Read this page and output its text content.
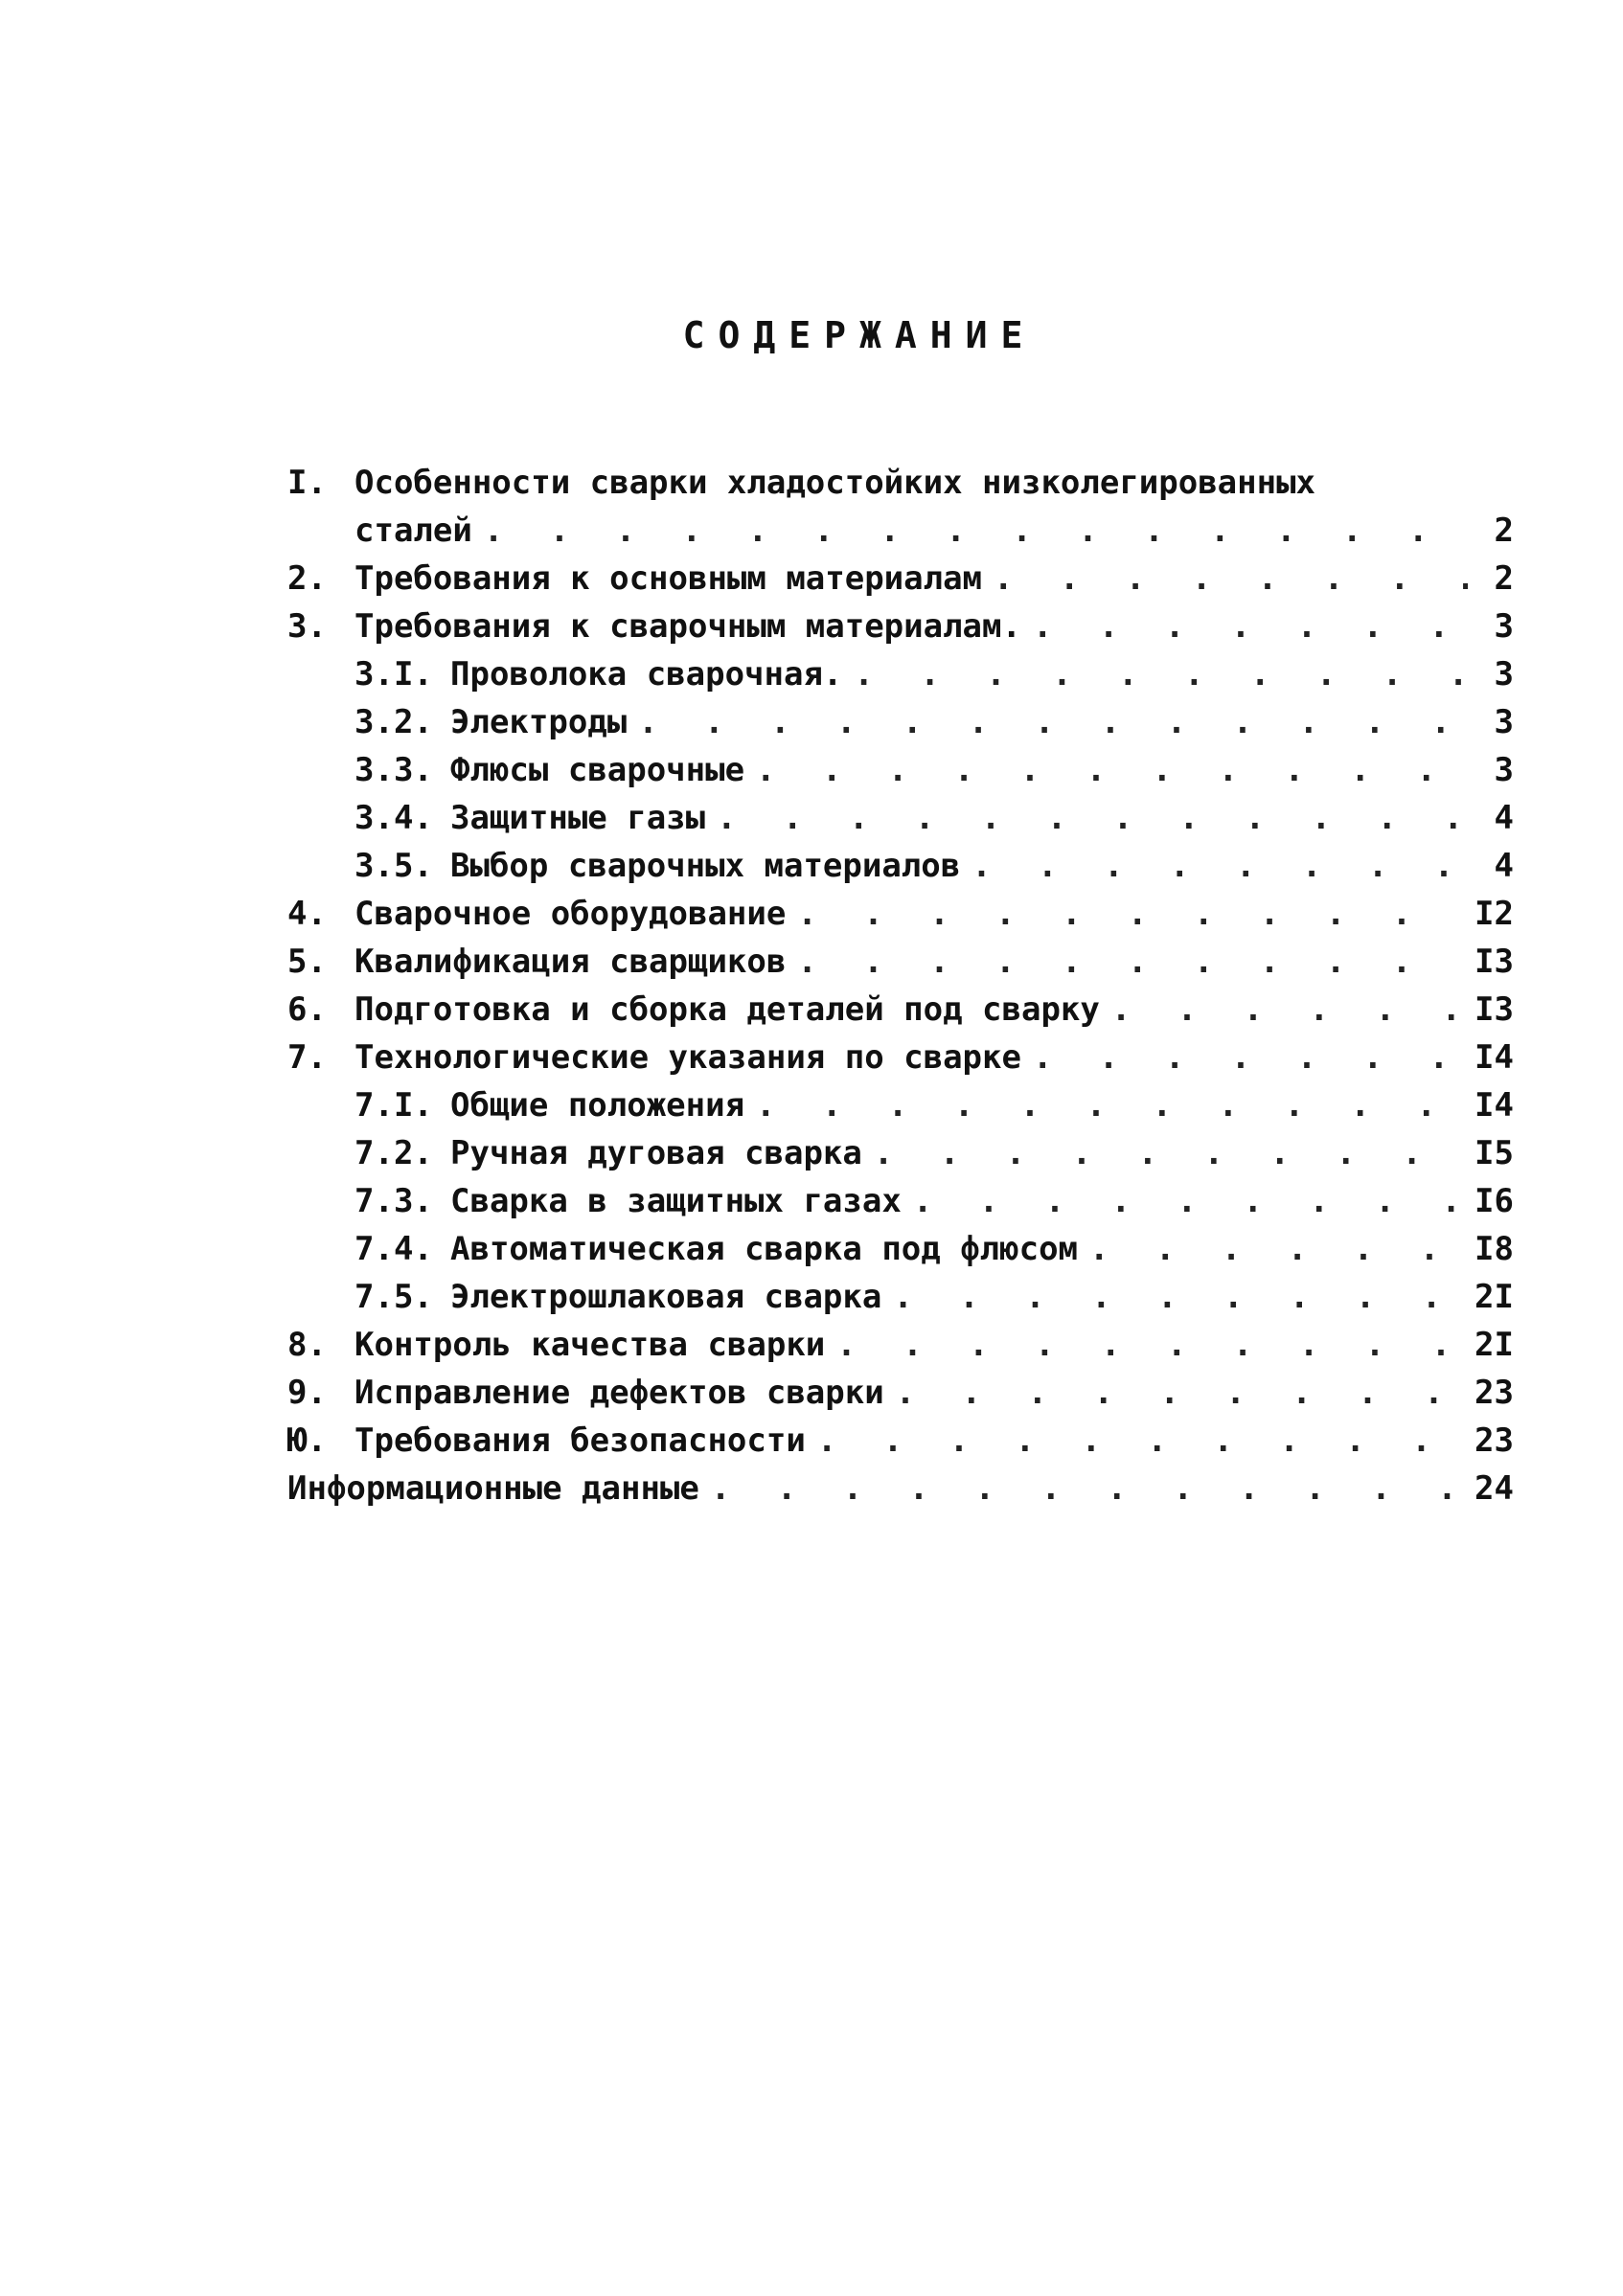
СОДЕРЖАНИЕ
I. Особенности сварки хладостойких низколегированных
сталей . . .	2
2. Требования к основным материалам . . .	2
3. Требования к сварочным материалам. . . .	3
3.I. Проволока сварочная. . . .	3
3.2. Электроды . . .	3
3.3. Флюсы сварочные . . .	3
3.4. Защитные газы . . .	4
3.5. Выбор сварочных материалов . . .	4
4. Сварочное оборудование . . .	I2
5. Квалификация сварщиков . . .	I3
6. Подготовка и сборка деталей под сварку . . .	I3
7. Технологические указания по сварке . . .	I4
7.I. Общие положения . . .	I4
7.2. Ручная дуговая сварка . . .	I5
7.3. Сварка в защитных газах . . .	I6
7.4. Автоматическая сварка под флюсом . . .	I8
7.5. Электрошлаковая сварка . . .	2I
8. Контроль качества сварки . . .	2I
9. Исправление дефектов сварки . . .	23
Ю. Требования безопасности . . .	23
Информационные данные . . .	24
